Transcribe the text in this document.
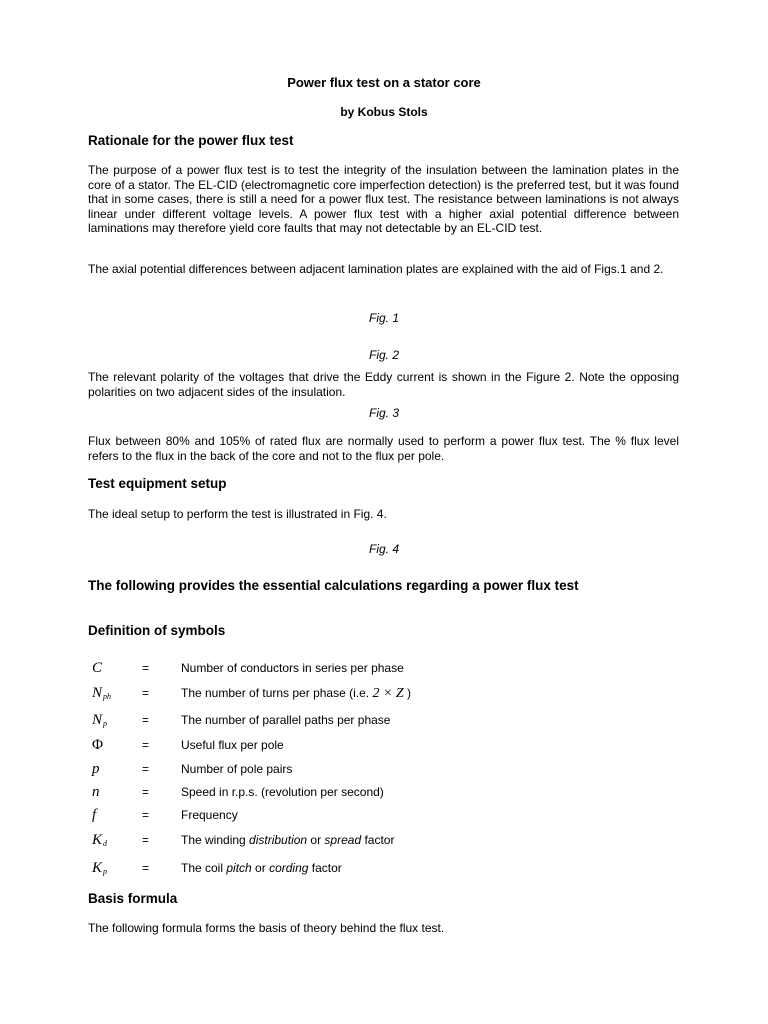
Power flux test on a stator core

by Kobus Stols

Rationale for the power flux test

The purpose of a power flux test is to test the integrity of the insulation between the lamination plates in the core of a stator. The EL-CID (electromagnetic core imperfection detection) is the preferred test, but it was found that in some cases, there is still a need for a power flux test. The resistance between laminations is not always linear under different voltage levels. A power flux test with a higher axial potential difference between laminations may therefore yield core faults that may not detectable by an EL-CID test.

The axial potential differences between adjacent lamination plates are explained with the aid of Figs.1 and 2.

Fig. 1

Fig. 2

The relevant polarity of the voltages that drive the Eddy current is shown in the Figure 2. Note the opposing polarities on two adjacent sides of the insulation.

Fig. 3

Flux between 80% and 105% of rated flux are normally used to perform a power flux test. The % flux level refers to the flux in the back of the core and not to the flux per pole.

Test equipment setup

The ideal setup to perform the test is illustrated in Fig. 4.

Fig. 4

The following provides the essential calculations regarding a power flux test

Definition of symbols

C	=	Number of conductors in series per phase
$N_{ph}$	=	The number of turns per phase (i.e. 2 × Z )
$N_p$	=	The number of parallel paths per phase
Φ	=	Useful flux per pole
p	=	Number of pole pairs
n	=	Speed in r.p.s. (revolution per second)
f	=	Frequency
$K_d$	=	The winding distribution or spread factor
$K_p$	=	The coil pitch or cording factor

Basis formula

The following formula forms the basis of theory behind the flux test.
